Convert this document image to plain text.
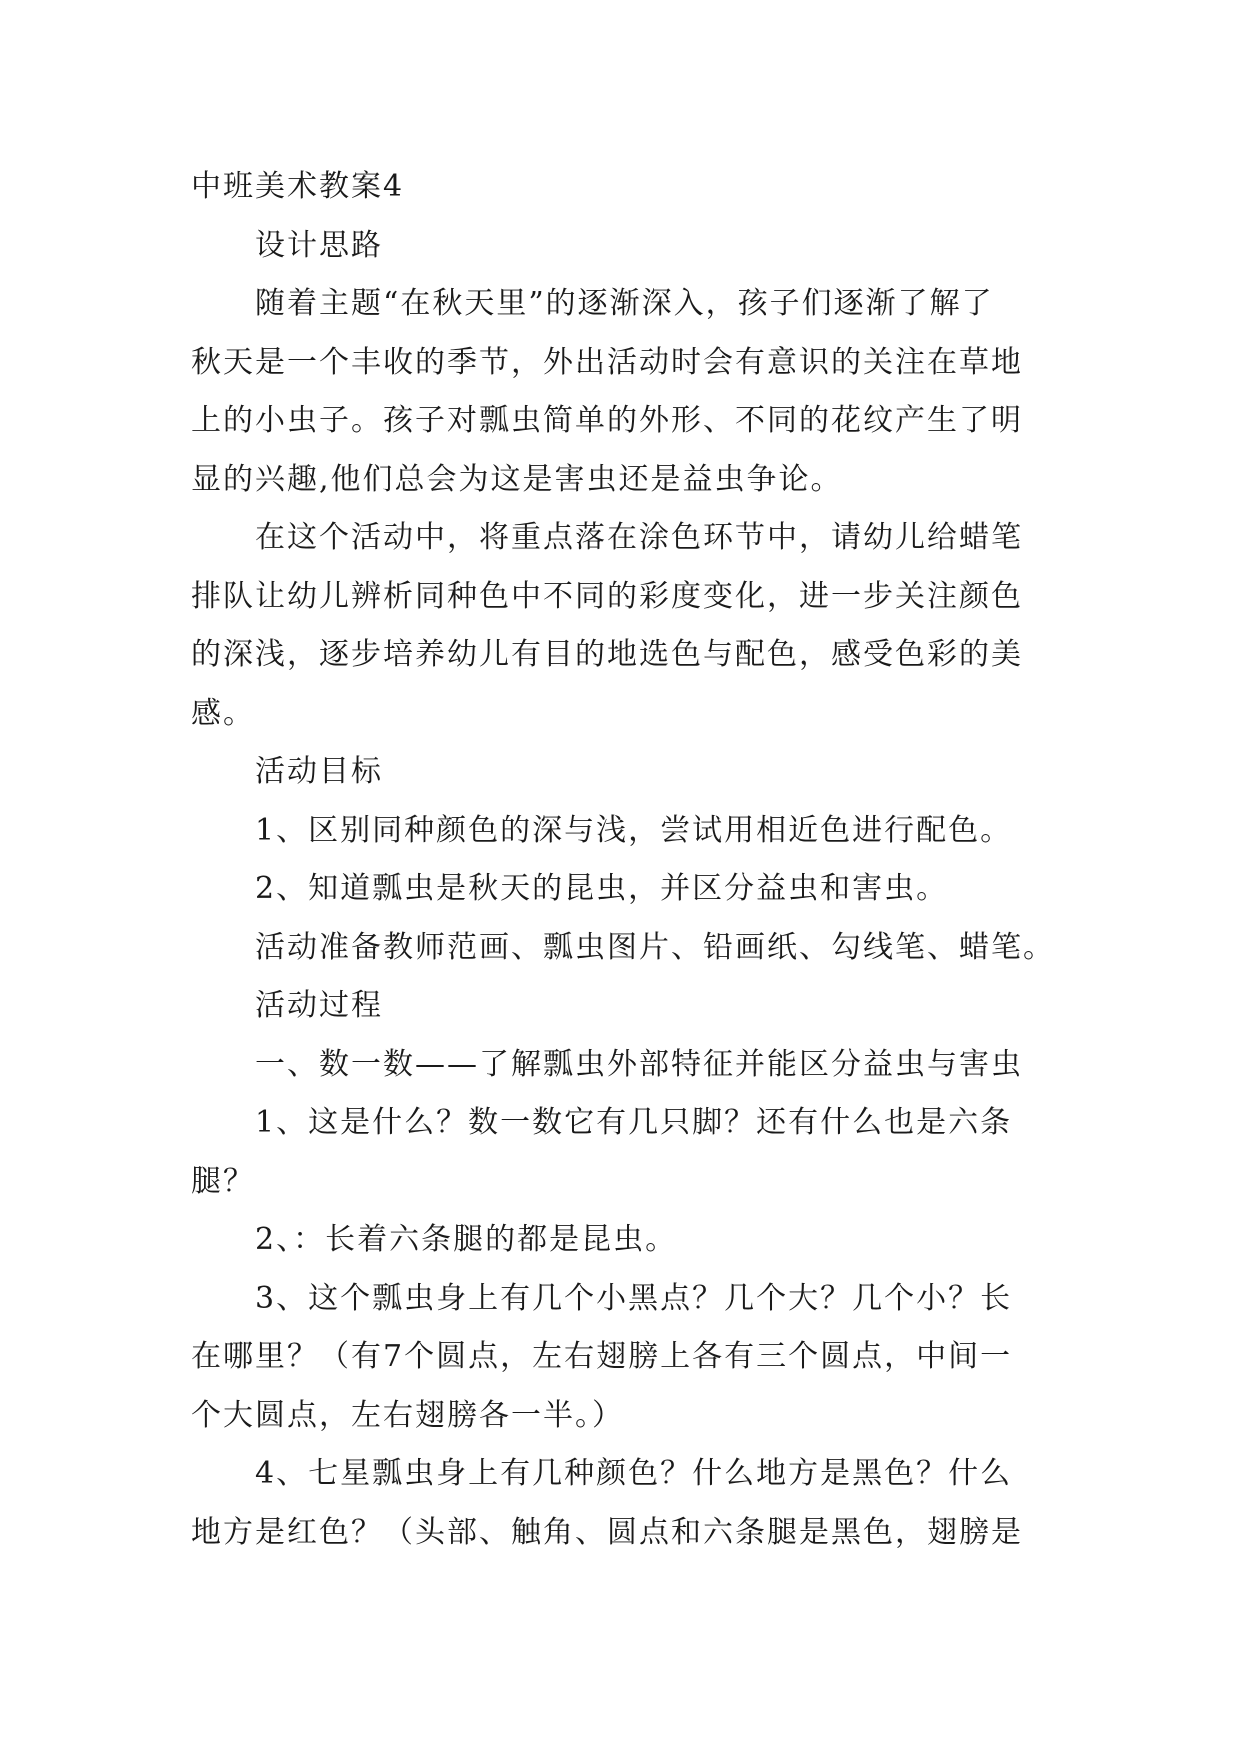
中班美术教案4

设计思路

随着主题“在秋天里”的逐渐深入，孩子们逐渐了解了
秋天是一个丰收的季节，外出活动时会有意识的关注在草地
上的小虫子。孩子对瓢虫简单的外形、不同的花纹产生了明
显的兴趣,他们总会为这是害虫还是益虫争论。

在这个活动中，将重点落在涂色环节中，请幼儿给蜡笔
排队让幼儿辨析同种色中不同的彩度变化，进一步关注颜色
的深浅，逐步培养幼儿有目的地选色与配色，感受色彩的美
感。

活动目标

1、区别同种颜色的深与浅，尝试用相近色进行配色。

2、知道瓢虫是秋天的昆虫，并区分益虫和害虫。

活动准备教师范画、瓢虫图片、铅画纸、勾线笔、蜡笔。

活动过程

一、数一数——了解瓢虫外部特征并能区分益虫与害虫

1、这是什么？数一数它有几只脚？还有什么也是六条
腿？

2、：长着六条腿的都是昆虫。

3、这个瓢虫身上有几个小黑点？几个大？几个小？长
在哪里？（有7个圆点，左右翅膀上各有三个圆点，中间一
个大圆点，左右翅膀各一半。）

4、七星瓢虫身上有几种颜色？什么地方是黑色？什么
地方是红色？（头部、触角、圆点和六条腿是黑色，翅膀是
